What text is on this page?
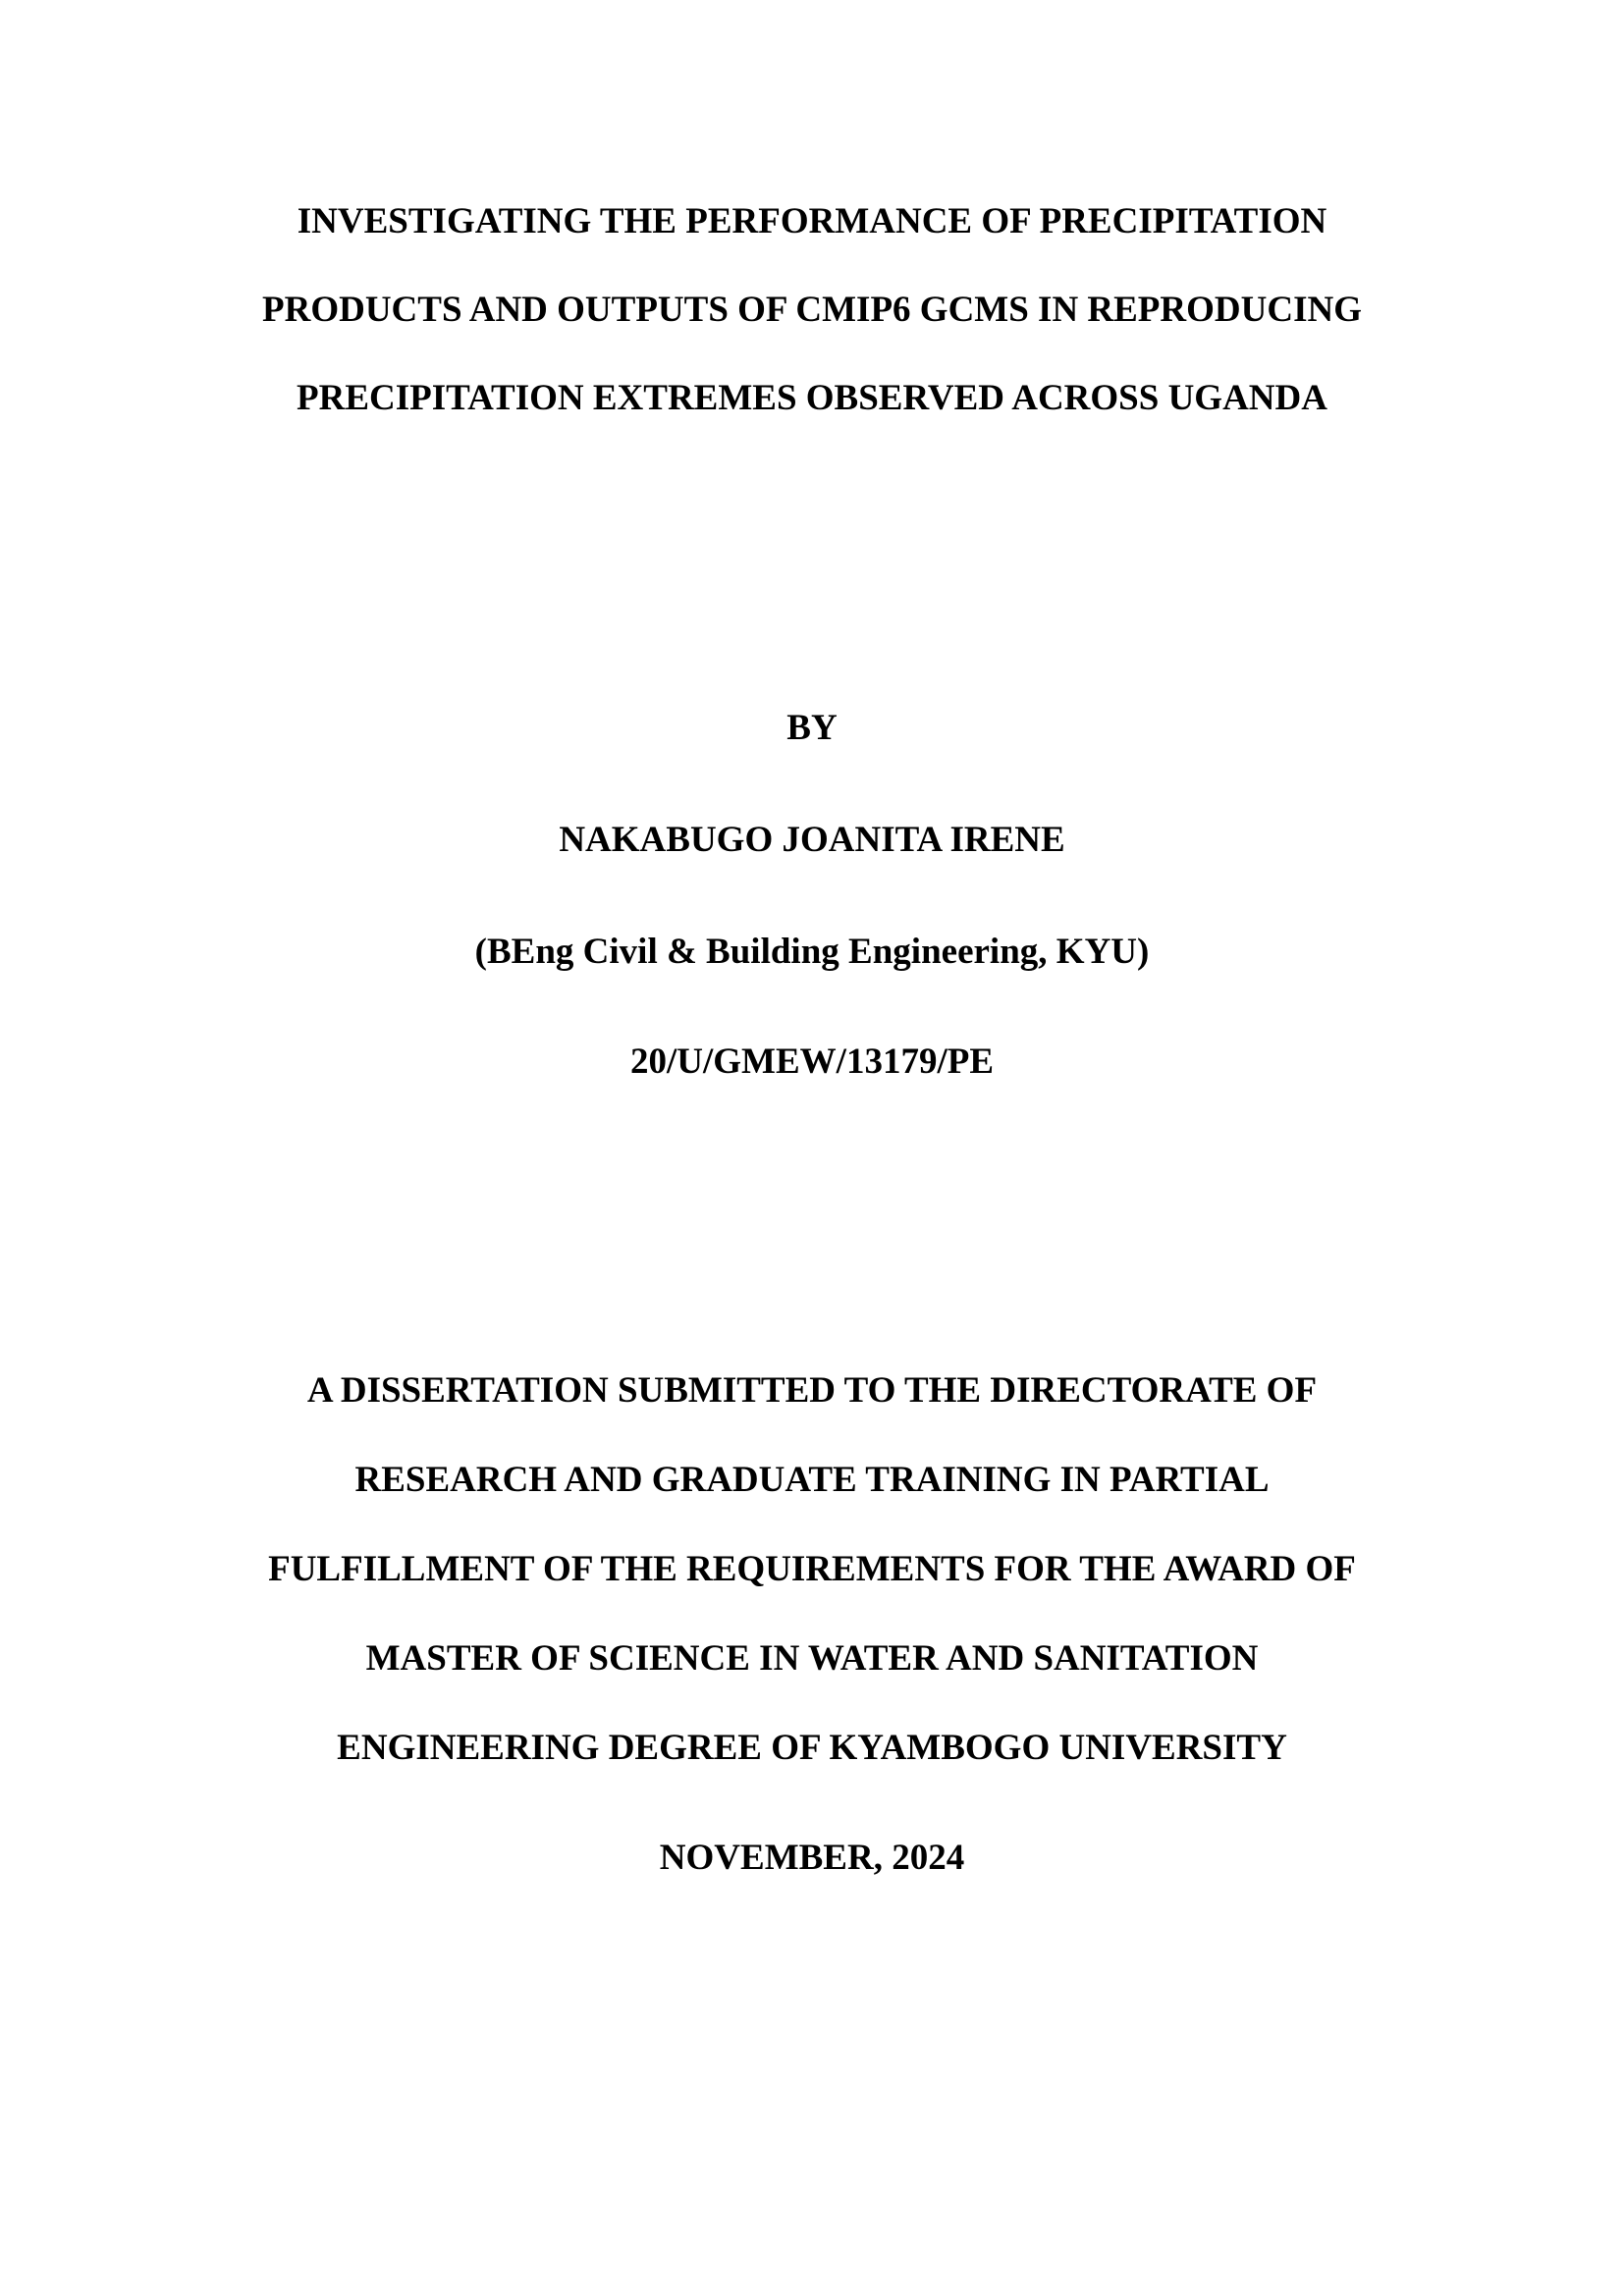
INVESTIGATING THE PERFORMANCE OF PRECIPITATION
PRODUCTS AND OUTPUTS OF CMIP6 GCMS IN REPRODUCING
PRECIPITATION EXTREMES OBSERVED ACROSS UGANDA
BY
NAKABUGO JOANITA IRENE
(BEng Civil & Building Engineering, KYU)
20/U/GMEW/13179/PE
A DISSERTATION SUBMITTED TO THE DIRECTORATE OF
RESEARCH AND GRADUATE TRAINING IN PARTIAL
FULFILLMENT OF THE REQUIREMENTS FOR THE AWARD OF
MASTER OF SCIENCE IN WATER AND SANITATION
ENGINEERING DEGREE OF KYAMBOGO UNIVERSITY
NOVEMBER, 2024
